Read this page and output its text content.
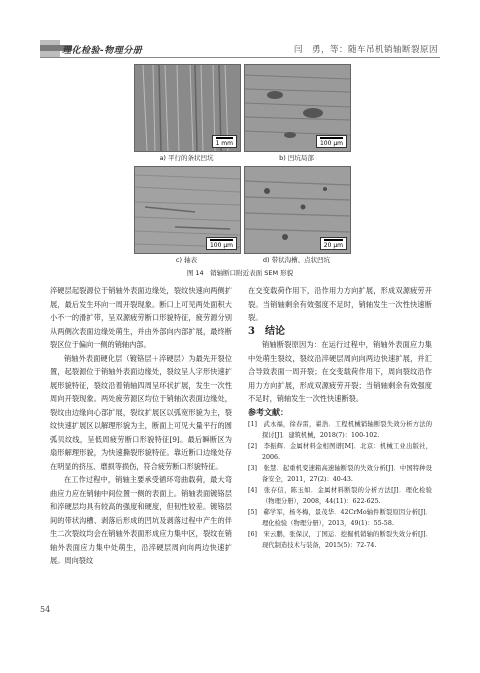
理化检验-物理分册	闫　勇，等：随车吊机销轴断裂原因
1 mm
a) 平行的条状凹坑
100 μm
b) 凹坑局部
100 μm
c) 轴表
20 μm
d) 带状沟槽、点状凹坑
图 14　销轴断口附近表面 SEM 形貌

淬硬层起裂源位于销轴外表面边缘处，裂纹快速向两侧扩展，最后发生环向一周开裂现象。断口上可见两处面积大小不一的滑扩带，呈双源疲劳断口形貌特征，疲劳源分别从两侧次表面边缘处萌生，并由外部向内部扩展，最终断裂区位于偏向一侧的销轴内部。

销轴外表面硬化层（镀铬层＋淬硬层）为最先开裂位置，起裂源位于销轴外表面边缘处，裂纹呈人字形快速扩展形貌特征，裂纹沿着销轴四周呈环状扩展，发生一次性周向开裂现象。两处疲劳源区均位于销轴次表面边缘处，裂纹由边缘向心部扩展，裂纹扩展区以弧宽形貌为主，裂纹快速扩展区以解理形貌为主，断面上可见大量平行的圆弧贝纹线，呈低周疲劳断口形貌特征[9]。最后瞬断区为扇形解理形貌，为快速撕裂形貌特征。靠近断口边缘处存在明显的挤压、磨损等损伤，符合疲劳断口形貌特征。

在工作过程中，销轴主要承受循环弯曲载荷，最大弯曲应力应在销轴中间位置一侧的表面上。销轴表面镀铬层和淬硬层均具有较高的强度和硬度，但韧性较差。镀铬层间的带状沟槽、剥落后形成的凹坑及剥落过程中产生的伴生二次裂纹均会在销轴外表面形成应力集中区，裂纹在销轴外表面应力集中处萌生，沿淬硬层周向向两边快速扩展。周向裂纹

在交变载荷作用下，沿作用力方向扩展，形成双源疲劳开裂。当销轴剩余有效强度不足时，销轴发生一次性快速断裂。

3　结论

销轴断裂原因为：在运行过程中，销轴外表面应力集中处萌生裂纹，裂纹沿淬硬层周向向两边快速扩展，并汇合导致表面一周开裂；在交变载荷作用下，周向裂纹沿作用力方向扩展，形成双源疲劳开裂；当销轴剩余有效强度不足时，销轴发生一次性快速断裂。

参考文献：

[1]　武永福，徐春雷，翟浩．工程机械销轴断裂失效分析方法的探讨[J]．建筑机械，2018(7)：100-102.

[2]　李振辉．金属材料金相图谱[M]．北京：机械工业出版社，2006.

[3]　张慧．起重机变速箱高速轴断裂的失效分析[J]．中国特种设备安全，2011，27(2)：40-43.

[4]　张存信，陈玉如．金属材料断裂的分析方法[J]．理化检验（物理分册），2008，44(11)：622-625.

[5]　郗学军，杨冬梅，景茂华．42CrMo轴件断裂原因分析[J]．理化检验（物理分册），2013，49(1)：55-58.

[6]　宋云鹏，张保汉，丁国运．挖掘机销轴的断裂失效分析[J]．现代制造技术与装备，2015(5)：72-74.

54
